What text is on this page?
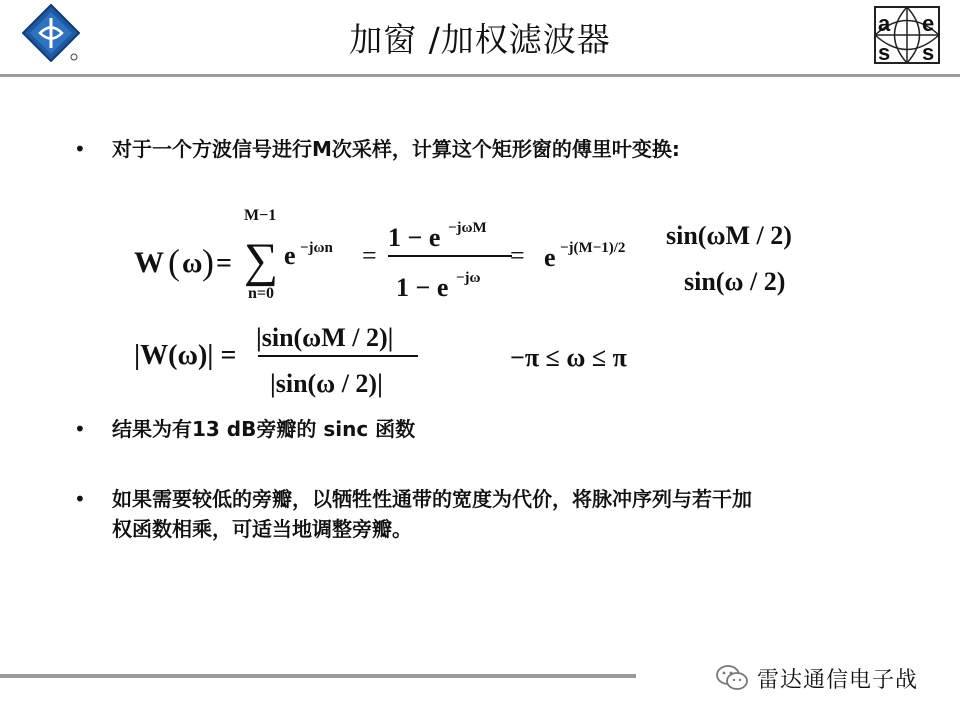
加窗 /加权滤波器	a e
s s
•	对于一个方波信号进行M次采样，计算这个矩形窗的傅里叶变换:
W ( ω ) =
M−1
∑
n=0
e −jωn =
1 − e −jωM
1 − e −jω
= e −j(M−1)/2 sin(ωM / 2)
sin(ω / 2)
|W(ω)| =
|sin(ωM / 2)|
|sin(ω / 2)|
−π ≤ ω ≤ π
•	结果为有13 dB旁瓣的 sinc 函数
•	如果需要较低的旁瓣，以牺牲性通带的宽度为代价，将脉冲序列与若干加
权函数相乘，可适当地调整旁瓣。
雷达通信电子战
